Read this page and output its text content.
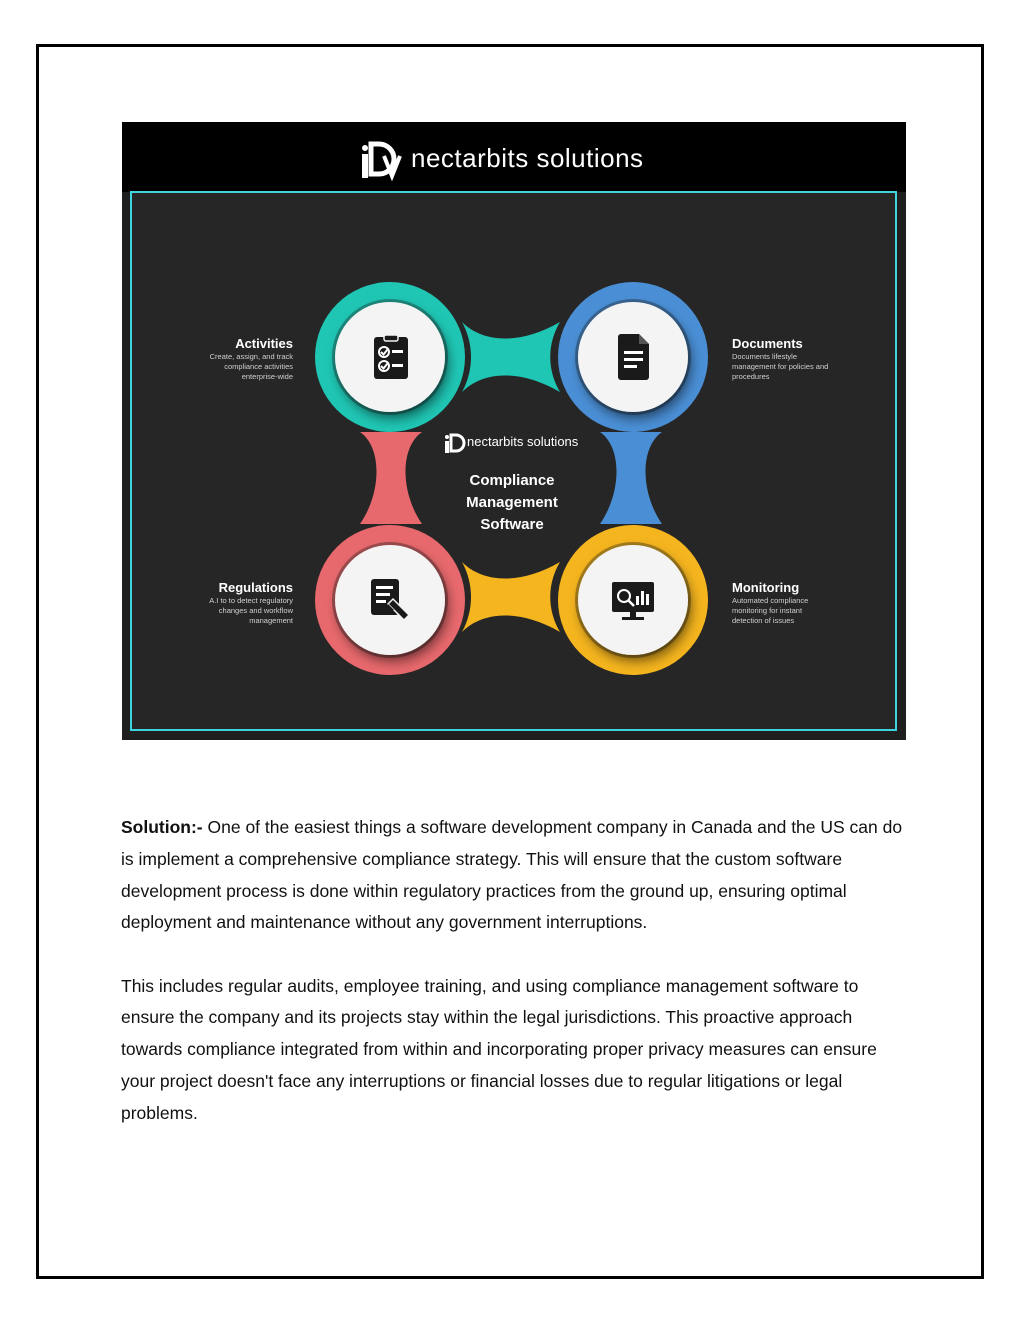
nectarbits solutions
nectarbits solutions
Compliance
Management
Software
Activities
Create, assign, and track
compliance activities
enterprise-wide
Documents
Documents lifestyle
management for policies and
procedures
Regulations
A.I to to detect regulatory
changes and workflow
management
Monitoring
Automated compliance
monitoring for instant
detection of issues

Solution:- One of the easiest things a software development company in Canada and the US can do is implement a comprehensive compliance strategy. This will ensure that the custom software development process is done within regulatory practices from the ground up, ensuring optimal deployment and maintenance without any government interruptions.

This includes regular audits, employee training, and using compliance management software to ensure the company and its projects stay within the legal jurisdictions. This proactive approach towards compliance integrated from within and incorporating proper privacy measures can ensure your project doesn't face any interruptions or financial losses due to regular litigations or legal problems.
